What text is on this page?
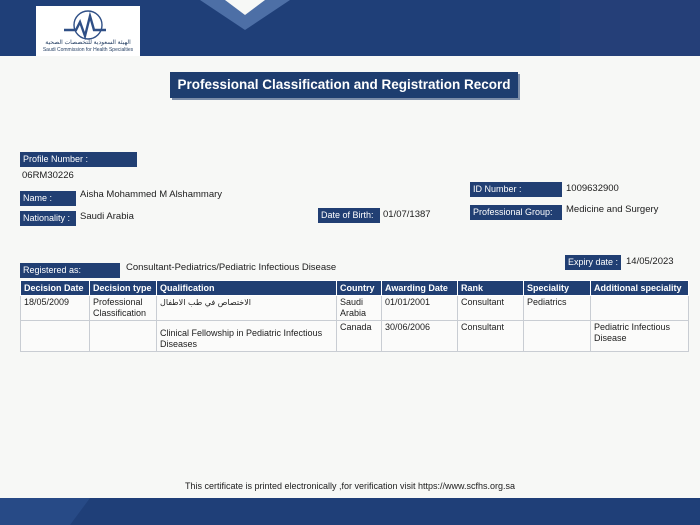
الهيئة السعودية للتخصصات الصحية
Saudi Commission for Health Specialties
Professional Classification and Registration Record
Profile Number :
06RM30226
Name :	Aisha Mohammed M Alshammary	ID Number :	1009632900
Nationality :	Saudi Arabia	Date of Birth: 01/07/1387	Professional Group:	Medicine and Surgery
Expiry date : 14/05/2023
Registered as:	Consultant-Pediatrics/Pediatric Infectious Disease
Decision Date	Decision type	Qualification	Country	Awarding Date	Rank	Speciality	Additional speciality
18/05/2009	Professional Classification	الاختصاص في طب الاطفال	Saudi Arabia	01/01/2001	Consultant	Pediatrics	
		Clinical Fellowship in Pediatric Infectious Diseases	Canada	30/06/2006	Consultant		Pediatric Infectious Disease
This certificate is printed electronically ,for verification visit https://www.scfhs.org.sa
